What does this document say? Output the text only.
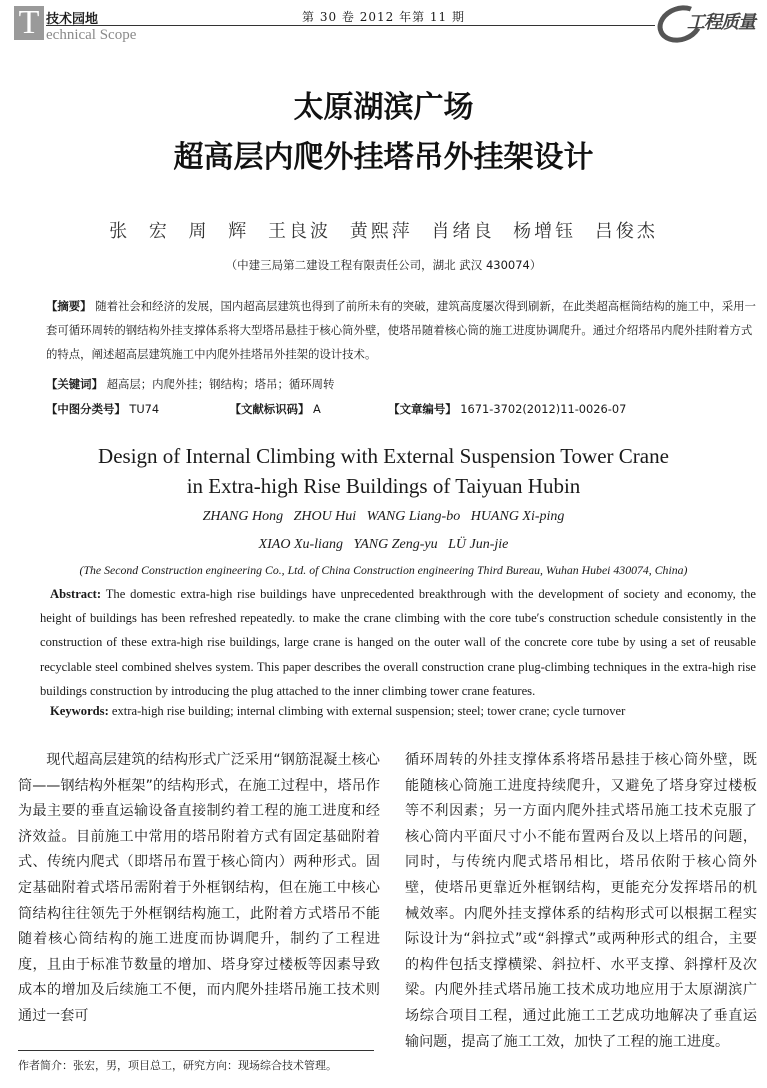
T 技术园地
echnical Scope
第 30 卷 2012 年第 11 期	工程质量
太原湖滨广场
超高层内爬外挂塔吊外挂架设计
张 宏 周 辉 王良波 黄熙萍 肖绪良 杨增钰 吕俊杰
（中建三局第二建设工程有限责任公司，湖北 武汉 430074）
【摘要】 随着社会和经济的发展，国内超高层建筑也得到了前所未有的突破，建筑高度屡次得到刷新，在此类超高框筒结构的施工中，采用一套可循环周转的钢结构外挂支撑体系将大型塔吊悬挂于核心筒外壁，使塔吊随着核心筒的施工进度协调爬升。通过介绍塔吊内爬外挂附着方式的特点，阐述超高层建筑施工中内爬外挂塔吊外挂架的设计技术。
【关键词】 超高层；内爬外挂；钢结构；塔吊；循环周转
【中图分类号】 TU74	【文献标识码】 A	【文章编号】 1671-3702(2012)11-0026-07
Design of Internal Climbing with External Suspension Tower Crane
in Extra-high Rise Buildings of Taiyuan Hubin
ZHANG Hong   ZHOU Hui   WANG Liang-bo   HUANG Xi-ping
XIAO Xu-liang   YANG Zeng-yu   LÜ Jun-jie
(The Second Construction engineering Co., Ltd. of China Construction engineering Third Bureau, Wuhan Hubei 430074, China)
Abstract: The domestic extra-high rise buildings have unprecedented breakthrough with the development of society and economy, the height of buildings has been refreshed repeatedly. to make the crane climbing with the core tube′s construction schedule consistently in the construction of these extra-high rise buildings, large crane is hanged on the outer wall of the concrete core tube by using a set of reusable recyclable steel combined shelves system. This paper describes the overall construction crane plug-climbing techniques in the extra-high rise buildings construction by introducing the plug attached to the inner climbing tower crane features.
Keywords: extra-high rise building; internal climbing with external suspension; steel; tower crane; cycle turnover
现代超高层建筑的结构形式广泛采用“钢筋混凝土核心筒——钢结构外框架”的结构形式，在施工过程中，塔吊作为最主要的垂直运输设备直接制约着工程的施工进度和经济效益。目前施工中常用的塔吊附着方式有固定基础附着式、传统内爬式（即塔吊布置于核心筒内）两种形式。固定基础附着式塔吊需附着于外框钢结构，但在施工中核心筒结构往往领先于外框钢结构施工，此附着方式塔吊不能随着核心筒结构的施工进度而协调爬升，制约了工程进度，且由于标准节数量的增加、塔身穿过楼板等因素导致成本的增加及后续施工不便，而内爬外挂塔吊施工技术则通过一套可
循环周转的外挂支撑体系将塔吊悬挂于核心筒外壁，既能随核心筒施工进度持续爬升，又避免了塔身穿过楼板等不利因素；另一方面内爬外挂式塔吊施工技术克服了核心筒内平面尺寸小不能布置两台及以上塔吊的问题，同时，与传统内爬式塔吊相比，塔吊依附于核心筒外壁，使塔吊更靠近外框钢结构，更能充分发挥塔吊的机械效率。内爬外挂支撑体系的结构形式可以根据工程实际设计为“斜拉式”或“斜撑式”或两种形式的组合，主要的构件包括支撑横梁、斜拉杆、水平支撑、斜撑杆及次梁。内爬外挂式塔吊施工技术成功地应用于太原湖滨广场综合项目工程，通过此施工工艺成功地解决了垂直运输问题，提高了施工工效，加快了工程的施工进度。
作者简介：张宏，男，项目总工，研究方向：现场综合技术管理。
